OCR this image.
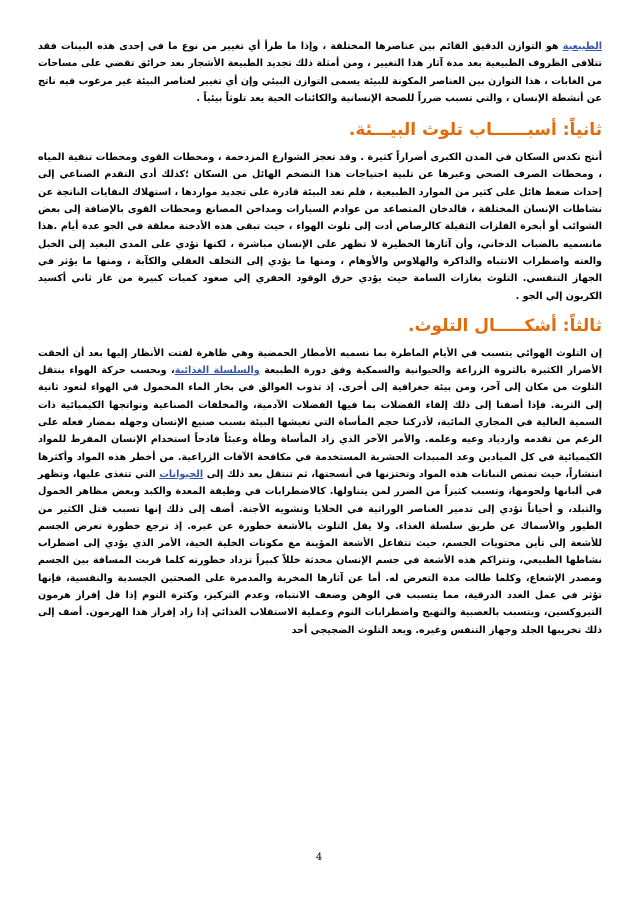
الطبيعية هو التوازن الدقيق القائم بين عناصرها المختلفة ، وإذا ما طرأ أي تغيير من نوع ما في إحدى هذه البينات فقد تتلافى الظروف الطبيعية بعد مدة آثار هذا التغيير ، ومن أمثلة ذلك تجديد الطبيعة الأشجار بعد حرائق تقضي على مساحات من الغابات ، هذا التوازن بين العناصر المكونة للبيئة يسمى التوازن البيئي وإن أي تغيير لعناصر البيئة غير مرغوب فيه ناتج عن أنشطة الإنسان ، والتي تسبب ضرراً للصحة الإنسانية والكائنات الحية يعد تلوثاً بيئياً .

ثانياً: أسبــــــاب تلوث البيـــئة.

أنتج تكدس السكان في المدن الكبرى أضراراً كثيرة . وقد تعجز الشوارع المزدحمة ، ومحطات القوى ومحطات تنقية المياه ، ومحطات الصرف الصحي وغيرها عن تلبية احتياجات هذا التضخم الهائل من السكان ؛كذلك أدى التقدم الصناعي إلى إحداث ضغط هائل على كثير من الموارد الطبيعية ، فلم تعد البيئة قادرة على تجديد مواردها ، استهلاك النفايات الناتجة عن نشاطات الإنسان المختلفة ، فالدخان المتصاعد من عوادم السيارات ومداخن المصانع ومحطات القوى بالإضافة إلى بعض الشوائب أو أبخرة الفلزات الثقيلة كالرصاص أدت إلى تلوث الهواء ، حيث تبقى هذه الأدخنة معلقة في الجو عدة أيام .هذا مانسميه بالضباب الدخاني، وأن آثارها الخطيرة لا تظهر على الإنسان مباشرة ، لكنها تؤدي على المدى البعيد إلى الخبل والعته واضطراب الانتباه والذاكرة والهلاوس والأوهام ، ومنها ما يؤدي إلى التخلف العقلي والكآبة ، ومنها ما يؤثر في الجهاز التنفسي. التلوث بغازات السامة حيث يؤدي حرق الوقود الحفري إلي صعود كميات كبيرة من غاز ثاني أكسيد الكربون إلي الجو .

ثالثاً: أشكـــــال التلوث.

إن التلوث الهوائي يتسبب في الأيام الماطرة بما نسميه الأمطار الحمضية وهي ظاهرة لفتت الأنظار إليها بعد أن ألحقت الأضرار الكثيرة بالثروة الزراعة والحيوانية والسمكية وفق دورة الطبيعة والسلسلة الغذائية، وبحسب حركة الهواء ينتقل التلوث من مكان إلى آخر، ومن بيئة جغرافية إلى أخرى. إذ تذوب العوالق في بخار الماء المحمول في الهواء لتعود ثانية إلى التربة. فإذا أضفنا إلى ذلك إلقاء الفضلات بما فيها الفضلات الآدمية، والمخلفات الصناعية ونواتجها الكيميائية ذات السمية العالية في المجاري المائية، لأدركنا حجم المأساة التي تعيشها البيئة بسبب صنيع الإنسان وجهله بمضار فعله على الرغم من تقدمه وازدياد وعيه وعلمه. والأمر الآخر الذي زاد المأساة وطأة وعبئاً فادحاً استخدام الإنسان المفرط للمواد الكيميائية في كل الميادين وعد المبيدات الحشرية المستخدمة في مكافحة الآفات الزراعية. من أخطر هذه المواد وأكثرها انتشاراً، حيث تمتص النباتات هذه المواد وتختزنها في أنسجتها، ثم تنتقل بعد ذلك إلى الحيوانات التي تتغذى عليها، وتظهر في ألبانها ولحومها، وتسبب كثيراً من الضرر لمن يتناولها. كالاضطرابات في وظيفة المعدة والكبد وبعض مظاهر الخمول والتبلد، و أحياناً تؤدي إلى تدمير العناصر الوراثية في الخلايا وتشويه الأجنة. أضف إلى ذلك إنها تسبب قتل الكثير من الطيور والأسماك عن طريق سلسلة الغذاء. ولا يقل التلوث بالأشعة خطورة عن غيره. إذ ترجع خطورة تعرض الجسم للأشعة إلى تأين محتويات الجسم، حيث تتفاعل الأشعة المؤينة مع مكونات الخلية الحية، الأمر الذي يؤدي إلى اضطراب نشاطها الطبيعي، وتتراكم هذه الأشعة في جسم الإنسان محدثة خللاً كبيراً تزداد خطورته كلما قربت المسافة بين الجسم ومصدر الإشعاع، وكلما طالت مدة التعرض له. أما عن آثارها المخربة والمدمرة على الصحتين الجسدية والنفسية، فإنها تؤثر في عمل الغدد الدرقية، مما يتسبب في الوهن وضعف الانتباه، وعدم التركيز، وكثرة النوم إذا قل إفراز هرمون التيروكسين، ويتسبب بالعصبية والتهيج واضطرابات النوم وعملية الاستقلاب الغذائي إذا زاد إفراز هذا الهرمون. أضف إلى ذلك تخريبها الجلد وجهاز التنفس وغيره. ويعد التلوث الضجيجي أحد

4
